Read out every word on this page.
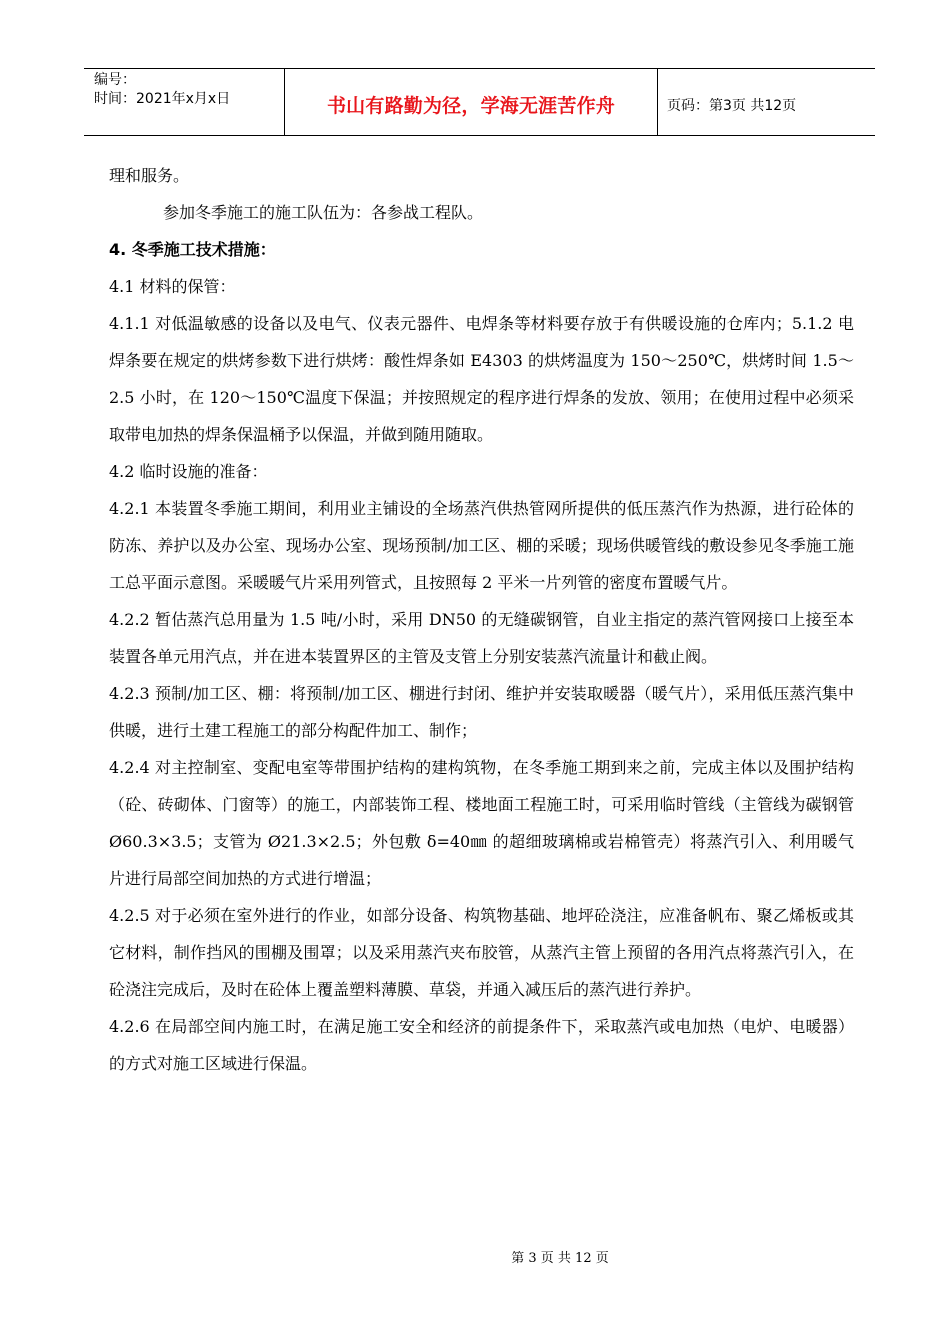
编号：
时间：2021年x月x日	书山有路勤为径，学海无涯苦作舟	页码：第3页 共12页

理和服务。

参加冬季施工的施工队伍为：各参战工程队。

4. 冬季施工技术措施：

4.1 材料的保管：

4.1.1 对低温敏感的设备以及电气、仪表元器件、电焊条等材料要存放于有供暖设施的仓库内；5.1.2 电焊条要在规定的烘烤参数下进行烘烤：酸性焊条如 E4303 的烘烤温度为 150～250℃，烘烤时间 1.5～2.5 小时，在 120～150℃温度下保温；并按照规定的程序进行焊条的发放、领用；在使用过程中必须采取带电加热的焊条保温桶予以保温，并做到随用随取。

4.2 临时设施的准备：

4.2.1 本装置冬季施工期间，利用业主铺设的全场蒸汽供热管网所提供的低压蒸汽作为热源，进行砼体的防冻、养护以及办公室、现场办公室、现场预制/加工区、棚的采暖；现场供暖管线的敷设参见冬季施工施工总平面示意图。采暖暖气片采用列管式，且按照每 2 平米一片列管的密度布置暖气片。

4.2.2 暂估蒸汽总用量为 1.5 吨/小时，采用 DN50 的无缝碳钢管，自业主指定的蒸汽管网接口上接至本装置各单元用汽点，并在进本装置界区的主管及支管上分别安装蒸汽流量计和截止阀。

4.2.3 预制/加工区、棚：将预制/加工区、棚进行封闭、维护并安装取暖器（暖气片），采用低压蒸汽集中供暖，进行土建工程施工的部分构配件加工、制作；

4.2.4 对主控制室、变配电室等带围护结构的建构筑物，在冬季施工期到来之前，完成主体以及围护结构（砼、砖砌体、门窗等）的施工，内部装饰工程、楼地面工程施工时，可采用临时管线（主管线为碳钢管 Ø60.3×3.5；支管为 Ø21.3×2.5；外包敷 δ=40㎜ 的超细玻璃棉或岩棉管壳）将蒸汽引入、利用暖气片进行局部空间加热的方式进行增温；

4.2.5 对于必须在室外进行的作业，如部分设备、构筑物基础、地坪砼浇注，应准备帆布、聚乙烯板或其它材料，制作挡风的围棚及围罩；以及采用蒸汽夹布胶管，从蒸汽主管上预留的各用汽点将蒸汽引入，在砼浇注完成后，及时在砼体上覆盖塑料薄膜、草袋，并通入减压后的蒸汽进行养护。

4.2.6 在局部空间内施工时，在满足施工安全和经济的前提条件下，采取蒸汽或电加热（电炉、电暖器）的方式对施工区域进行保温。

第 3 页 共 12 页
